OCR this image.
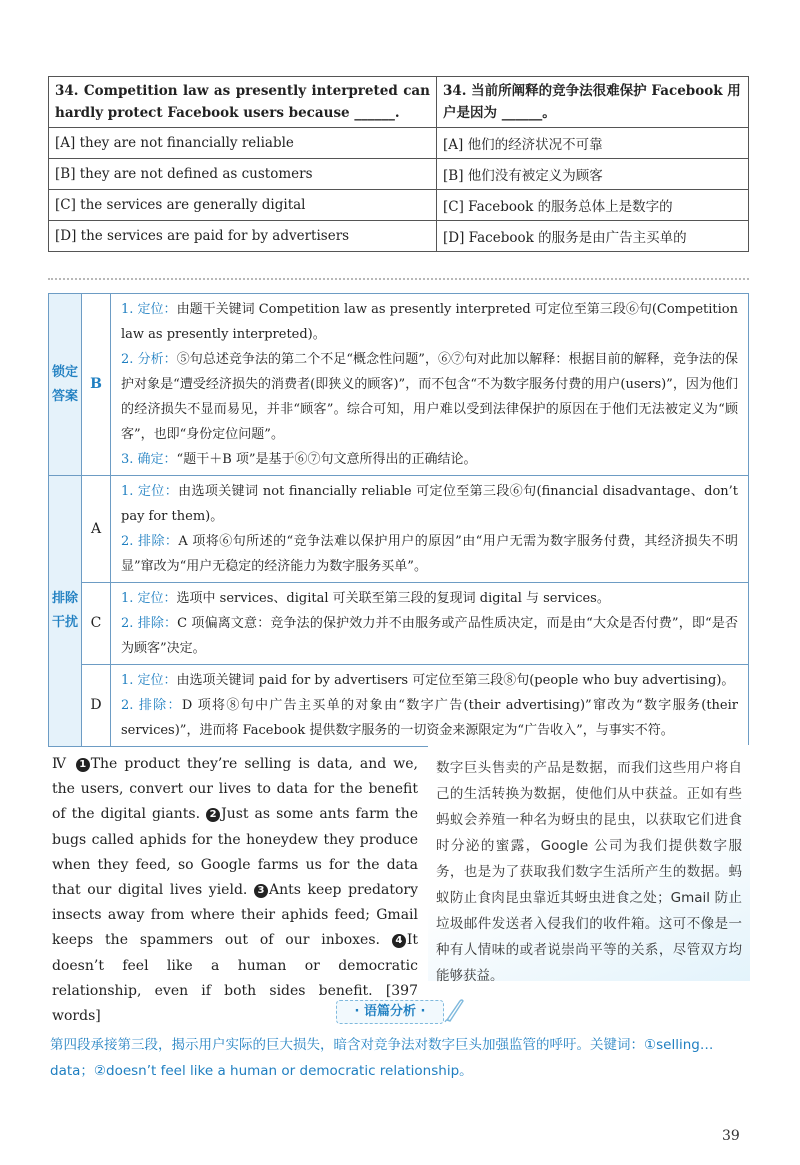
34. Competition law as presently interpreted can hardly protect Facebook users because ______.	34. 当前所阐释的竞争法很难保护 Facebook 用户是因为 ______。
[A] they are not financially reliable	[A] 他们的经济状况不可靠
[B] they are not defined as customers	[B] 他们没有被定义为顾客
[C] the services are generally digital	[C] Facebook 的服务总体上是数字的
[D] the services are paid for by advertisers	[D] Facebook 的服务是由广告主买单的
锁定答案	B	1. 定位：由题干关键词 Competition law as presently interpreted 可定位至第三段⑥句(Competition law as presently interpreted)。
2. 分析：⑤句总述竞争法的第二个不足“概念性问题”，⑥⑦句对此加以解释：根据目前的解释，竞争法的保护对象是“遭受经济损失的消费者(即狭义的顾客)”，而不包含“不为数字服务付费的用户(users)”，因为他们的经济损失不显而易见，并非“顾客”。综合可知，用户难以受到法律保护的原因在于他们无法被定义为“顾客”，也即“身份定位问题”。
3. 确定：“题干＋B 项”是基于⑥⑦句文意所得出的正确结论。

排除干扰	A	1. 定位：由选项关键词 not financially reliable 可定位至第三段⑥句(financial disadvantage、don’t pay for them)。
2. 排除：A 项将⑥句所述的“竞争法难以保护用户的原因”由“用户无需为数字服务付费，其经济损失不明显”窜改为“用户无稳定的经济能力为数字服务买单”。

	C	1. 定位：选项中 services、digital 可关联至第三段的复现词 digital 与 services。
2. 排除：C 项偏离文意：竞争法的保护效力并不由服务或产品性质决定，而是由“大众是否付费”，即“是否为顾客”决定。

	D	1. 定位：由选项关键词 paid for by advertisers 可定位至第三段⑧句(people who buy advertising)。
2. 排除：D 项将⑧句中广告主买单的对象由“数字广告(their advertising)”窜改为“数字服务(their services)”，进而将 Facebook 提供数字服务的一切资金来源限定为“广告收入”，与事实不符。
Ⅳ 1 The product they’re selling is data, and we, the users, convert our lives to data for the benefit of the digital giants. 2 Just as some ants farm the bugs called aphids for the honeydew they produce when they feed, so Google farms us for the data that our digital lives yield. 3 Ants keep predatory insects away from where their aphids feed; Gmail keeps the spammers out of our inboxes. 4 It doesn’t feel like a human or democratic relationship, even if both sides benefit. [397 words]
数字巨头售卖的产品是数据，而我们这些用户将自己的生活转换为数据，使他们从中获益。正如有些蚂蚁会养殖一种名为蚜虫的昆虫，以获取它们进食时分泌的蜜露，Google 公司为我们提供数字服务，也是为了获取我们数字生活所产生的数据。蚂蚁防止食肉昆虫靠近其蚜虫进食之处；Gmail 防止垃圾邮件发送者入侵我们的收件箱。这可不像是一种有人情味的或者说崇尚平等的关系，尽管双方均能够获益。
· 语篇分析 ·
第四段承接第三段，揭示用户实际的巨大损失，暗含对竞争法对数字巨头加强监管的呼吁。关键词：①selling…data；②doesn’t feel like a human or democratic relationship。
39
